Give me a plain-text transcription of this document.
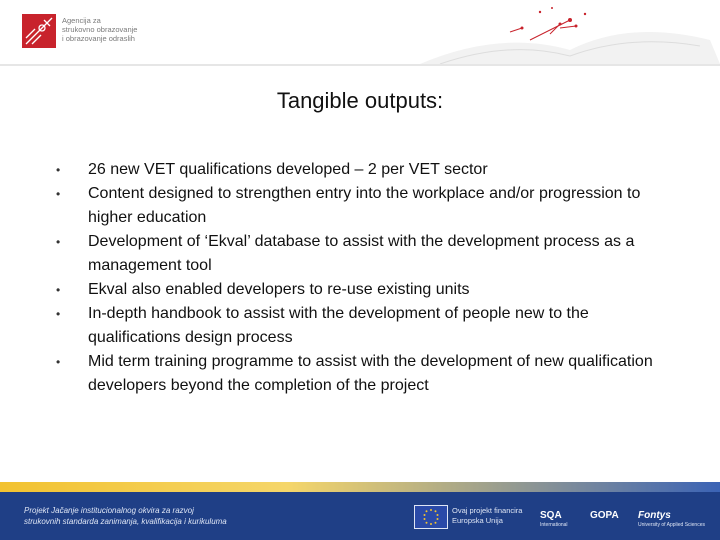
Agencija za
strukovno obrazovanje
i obrazovanje odraslih
Tangible outputs:
•	26 new VET qualifications developed – 2 per VET sector
•	Content designed to strengthen entry into the workplace and/or progression to higher education
•	Development of ‘Ekval’ database to assist with the development process as a management tool
•	Ekval also enabled developers to re-use existing units
•	In-depth handbook to assist with the development of people new to the qualifications design process
•	Mid term training programme to assist with the development of new qualification developers beyond the completion of the project
Projekt Jačanje institucionalnog okvira za razvoj
strukovnih standarda zanimanja, kvalifikacija i kurikuluma
Ovaj projekt financira
Europska Unija	SQA
International
GOPA Fontys
University of Applied Sciences
